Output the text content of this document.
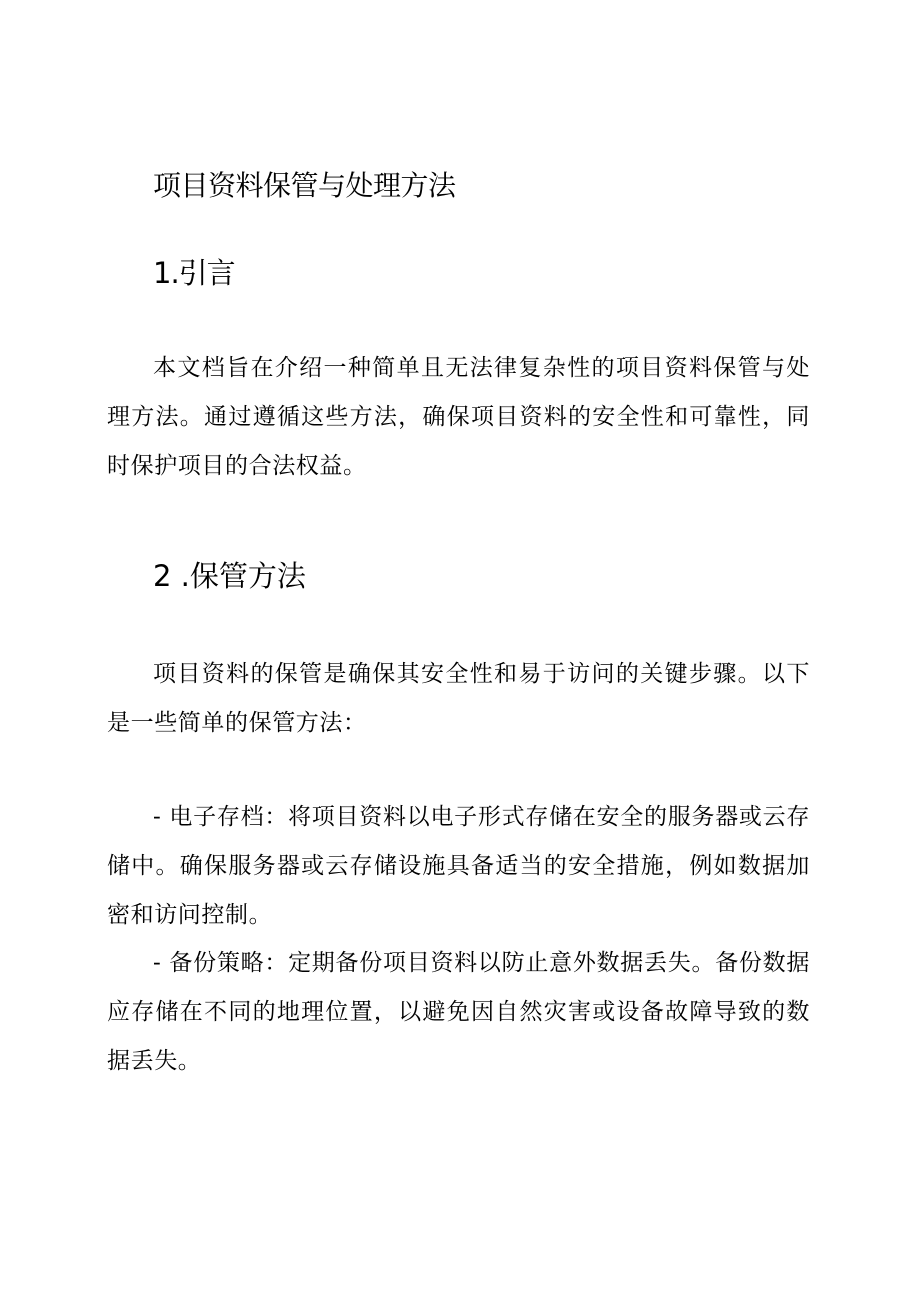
项目资料保管与处理方法
1.引言

本文档旨在介绍一种简单且无法律复杂性的项目资料保管与处理方法。通过遵循这些方法，确保项目资料的安全性和可靠性，同时保护项目的合法权益。

2 .保管方法

项目资料的保管是确保其安全性和易于访问的关键步骤。以下是一些简单的保管方法：

- 电子存档：将项目资料以电子形式存储在安全的服务器或云存储中。确保服务器或云存储设施具备适当的安全措施，例如数据加密和访问控制。

- 备份策略：定期备份项目资料以防止意外数据丢失。备份数据应存储在不同的地理位置，以避免因自然灾害或设备故障导致的数据丢失。
